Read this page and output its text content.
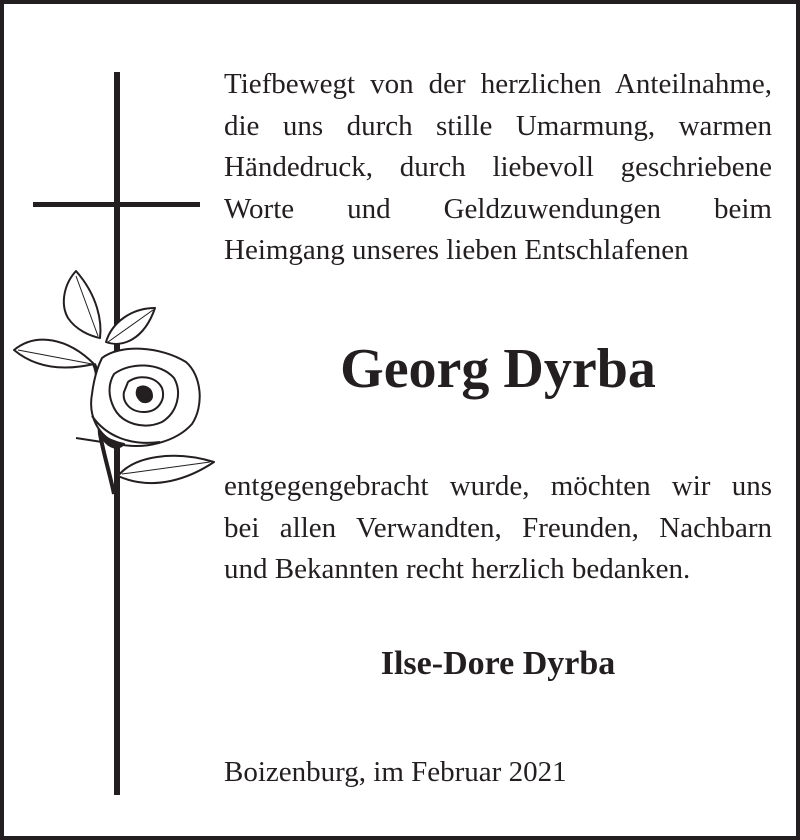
Tiefbewegt von der herzlichen Anteilnahme,
die uns durch stille Umarmung, warmen
Händedruck, durch liebevoll geschriebene
Worte und Geldzuwendungen beim
Heimgang unseres lieben Entschlafenen
Georg Dyrba
entgegengebracht wurde, möchten wir uns
bei allen Verwandten, Freunden, Nachbarn
und Bekannten recht herzlich bedanken.
Ilse-Dore Dyrba
Boizenburg, im Februar 2021
